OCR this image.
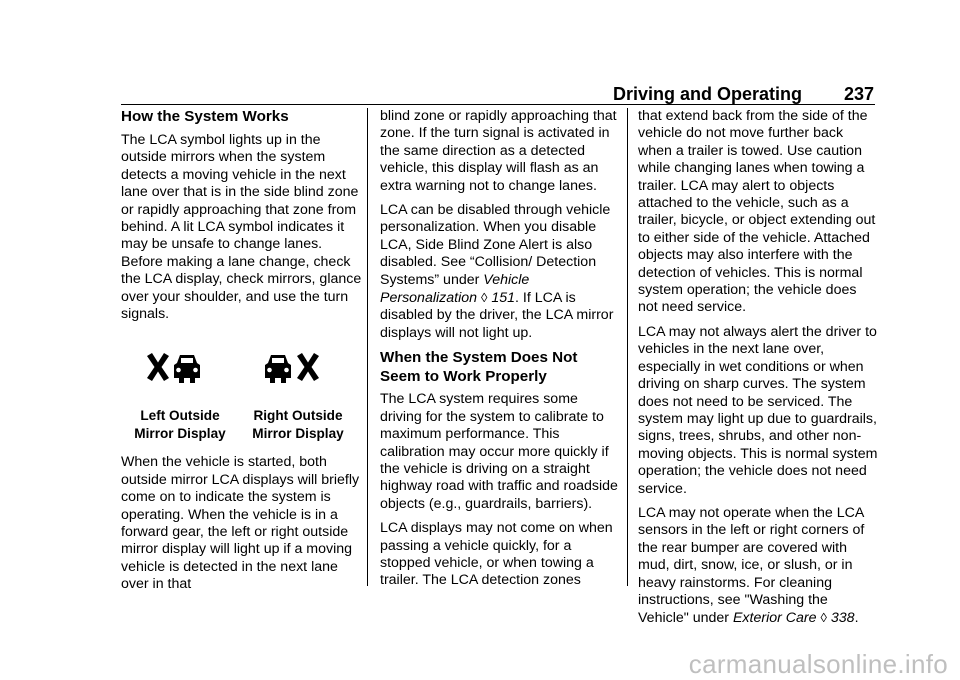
Driving and Operating 237
How the System Works

The LCA symbol lights up in the outside mirrors when the system detects a moving vehicle in the next lane over that is in the side blind zone or rapidly approaching that zone from behind. A lit LCA symbol indicates it may be unsafe to change lanes. Before making a lane change, check the LCA display, check mirrors, glance over your shoulder, and use the turn signals.

Left Outside
Mirror Display
Right Outside
Mirror Display

When the vehicle is started, both outside mirror LCA displays will briefly come on to indicate the system is operating. When the vehicle is in a forward gear, the left or right outside mirror display will light up if a moving vehicle is detected in the next lane over in that

blind zone or rapidly approaching that zone. If the turn signal is activated in the same direction as a detected vehicle, this display will flash as an extra warning not to change lanes.

LCA can be disabled through vehicle personalization. When you disable LCA, Side Blind Zone Alert is also disabled. See “Collision/ Detection Systems” under Vehicle Personalization ◊ 151. If LCA is disabled by the driver, the LCA mirror displays will not light up.

When the System Does Not
Seem to Work Properly

The LCA system requires some driving for the system to calibrate to maximum performance. This calibration may occur more quickly if the vehicle is driving on a straight highway road with traffic and roadside objects (e.g., guardrails, barriers).

LCA displays may not come on when passing a vehicle quickly, for a stopped vehicle, or when towing a trailer. The LCA detection zones

that extend back from the side of the vehicle do not move further back when a trailer is towed. Use caution while changing lanes when towing a trailer. LCA may alert to objects attached to the vehicle, such as a trailer, bicycle, or object extending out to either side of the vehicle. Attached objects may also interfere with the detection of vehicles. This is normal system operation; the vehicle does not need service.

LCA may not always alert the driver to vehicles in the next lane over, especially in wet conditions or when driving on sharp curves. The system does not need to be serviced. The system may light up due to guardrails, signs, trees, shrubs, and other non-moving objects. This is normal system operation; the vehicle does not need service.

LCA may not operate when the LCA sensors in the left or right corners of the rear bumper are covered with mud, dirt, snow, ice, or slush, or in heavy rainstorms. For cleaning instructions, see "Washing the Vehicle" under Exterior Care ◊ 338.

carmanualsonline.info
